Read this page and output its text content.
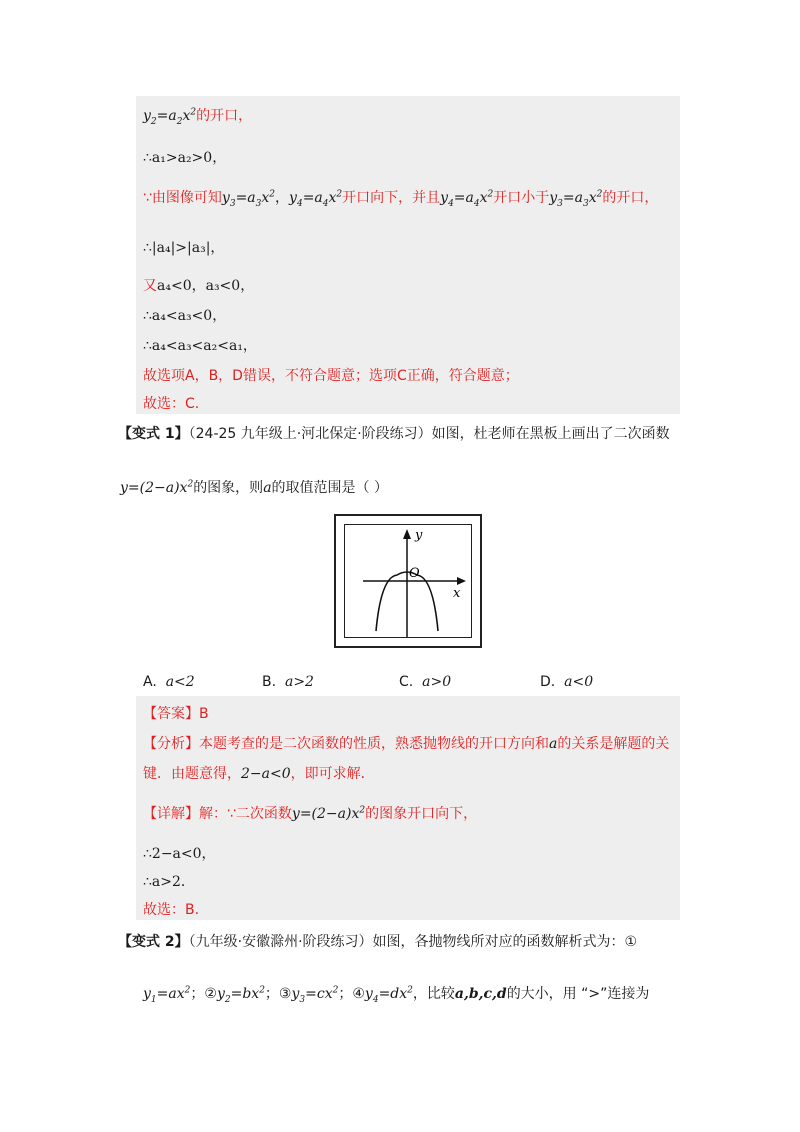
$y_2=a_2x^2$的开口，
∴a₁>a₂>0，
∵由图像可知$y_3=a_3x^2$，$y_4=a_4x^2$开口向下，并且$y_4=a_4x^2$开口小于$y_3=a_3x^2$的开口，
∴|a₄|>|a₃|，
又a₄<0，a₃<0，
∴a₄<a₃<0，
∴a₄<a₃<a₂<a₁，
故选项A，B，D错误，不符合题意；选项C正确，符合题意；
故选：C.
【变式 1】（24-25 九年级上·河北保定·阶段练习）如图，杜老师在黑板上画出了二次函数
$y=(2-a)x^2$的图象，则a的取值范围是（ ）
y
O
x
A. a<2	B. a>2	C. a>0	D. a<0
【答案】B
【分析】本题考查的是二次函数的性质，熟悉抛物线的开口方向和a的关系是解题的关
键．由题意得，2−a<0，即可求解．
【详解】解：∵二次函数$y=(2-a)x^2$的图象开口向下，
∴2−a<0，
∴a>2．
故选：B.
【变式 2】（九年级·安徽滁州·阶段练习）如图，各抛物线所对应的函数解析式为：①
$y_1=ax^2$；$②y_2=bx^2$；$③y_3=cx^2$；$④y_4=dx^2$，比较a,b,c,d的大小，用 “>”连接为
